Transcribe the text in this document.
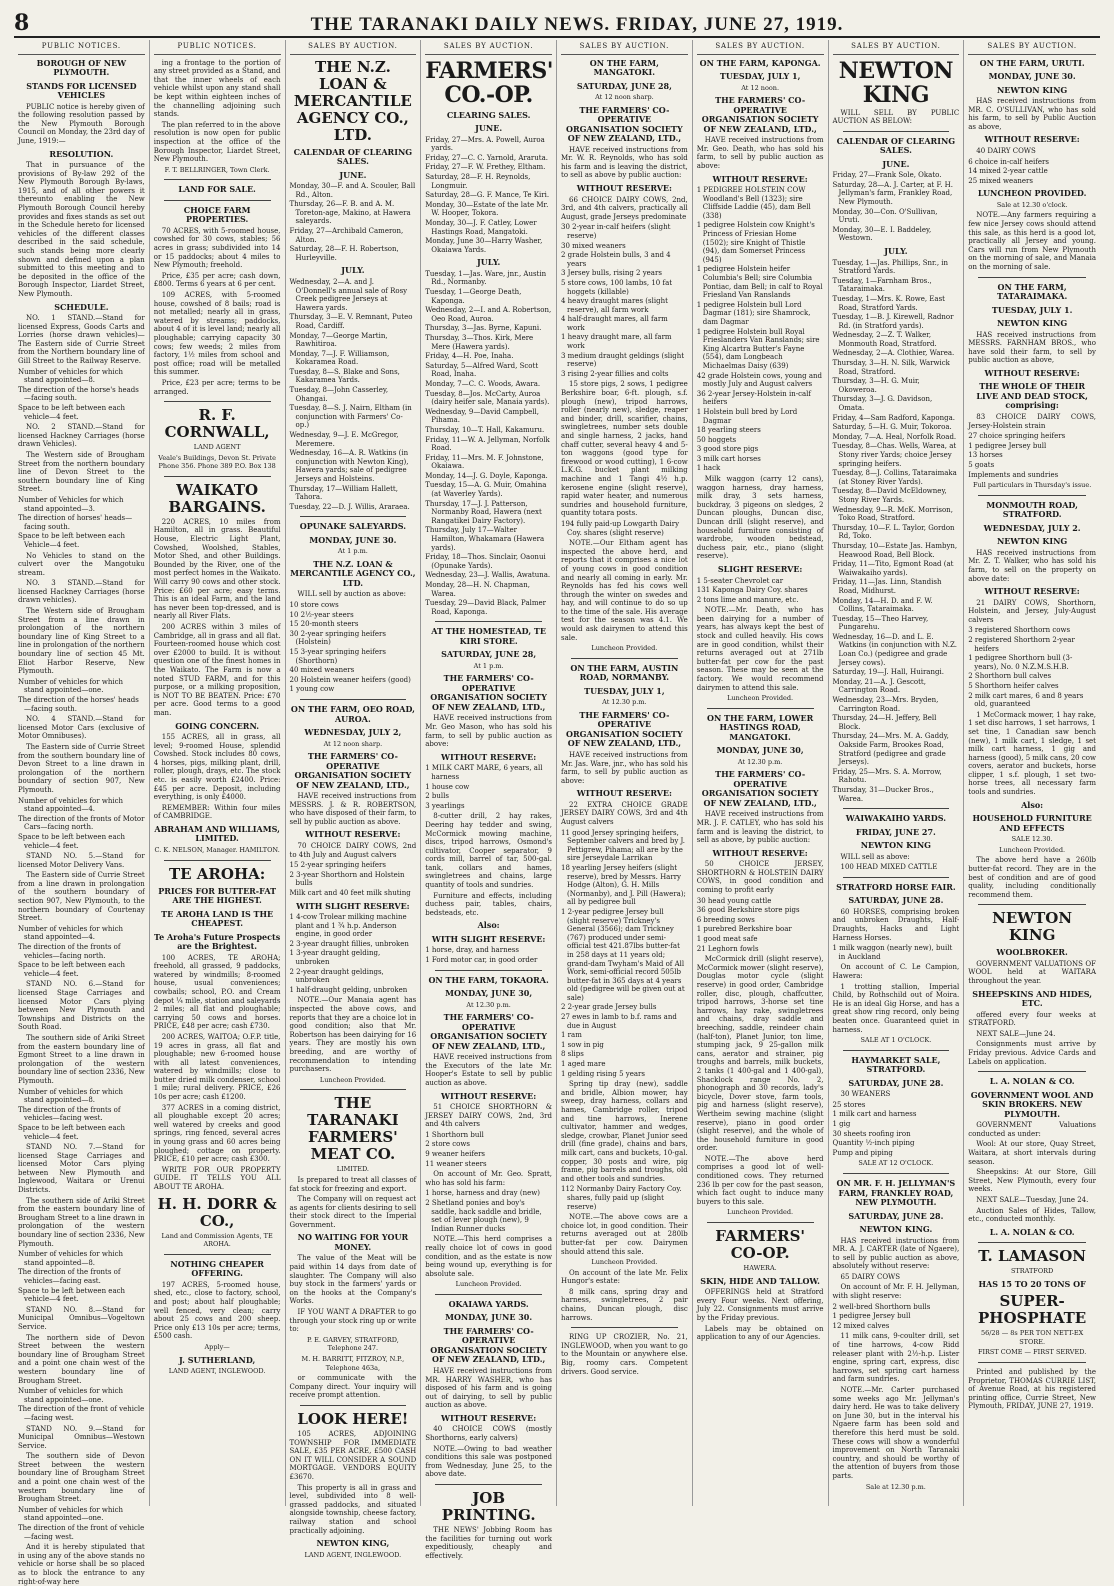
8	THE TARANAKI DAILY NEWS. FRIDAY, JUNE 27, 1919.
PUBLIC NOTICES.
BOROUGH OF NEW PLYMOUTH.
STANDS FOR LICENSED VEHICLES
PUBLIC notice is hereby given of the following resolution passed by the New Plymouth Borough Council on Monday, the 23rd day of June, 1919:—
RESOLUTION.
That in pursuance of the provisions of By-law 292 of the New Plymouth Borough By-laws, 1915, and of all other powers it thereunto enabling the New Plymouth Borough Council hereby provides and fixes stands as set out in the Schedule hereto for licensed vehicles of the different classes described in the said schedule, such stands being more clearly shown and defined upon a plan submitted to this meeting and to be deposited in the office of the Borough Inspector, Liardet Street, New Plymouth.
SCHEDULE.
NO. 1 STAND.—Stand for licensed Express, Goods Carts and Lorries (horse drawn vehicles)—The Eastern side of Currie Street from the Northern boundary line of Gill Street to the Railway Reserve.
Number of vehicles for which stand appointed—8.
The direction of the horse's heads—facing south.
Space to be left between each vehicle—4 feet.
NO. 2 STAND.—Stand for licensed Hackney Carriages (horse drawn Vehicles).
The Western side of Brougham Street from the northern boundary line of Devon Street to the southern boundary line of King Street.
Number of Vehicles for which stand appointed—3.
The direction of horses' heads—facing south.
Space to be left between each Vehicle—4 feet.
No Vehicles to stand on the culvert over the Mangotuku stream.
NO. 3 STAND.—Stand for licensed Hackney Carriages (horse drawn vehicles).
The Western side of Brougham Street from a line drawn in prolongation of the northern boundary line of King Street to a line in prolongation of the northern boundary line of section 45 Mt. Eliot Harbor Reserve, New Plymouth.
Number of vehicles for which stand appointed—one.
The direction of the horses' heads—facing south.
NO. 4 STAND.—Stand for licensed Motor Cars (exclusive of Motor Omnibuses).
The Eastern side of Currie Street from the southern boundary line of Devon Street to a line drawn in prolongation of the northern boundary of section 907, New Plymouth.
Number of vehicles for which stand appointed—4.
The direction of the fronts of Motor Cars—facing north.
Space to be left between each vehicle—4 feet.
STAND NO. 5.—Stand for licensed Motor Delivery Vans.
The Eastern side of Currie Street from a line drawn in prolongation of the southern boundary of section 907, New Plymouth, to the northern boundary of Courtenay Street.
Number of vehicles for which stand appointed—4.
The direction of the fronts of vehicles—facing north.
Space to be left between each vehicle—4 feet.
STAND NO. 6.—Stand for licensed Stage Carriages and licensed Motor Cars plying between New Plymouth and Townships and Districts on the South Road.
The southern side of Ariki Street from the eastern boundary line of Egmont Street to a line drawn in prolongation of the western boundary line of section 2336, New Plymouth.
Number of vehicles for which stand appointed—8.
The direction of the fronts of vehicles—facing west.
Space to be left between each vehicle—4 feet.
STAND NO. 7.—Stand for licensed Stage Carriages and licensed Motor Cars plying between New Plymouth and Inglewood, Waitara or Urenui Districts.
The southern side of Ariki Street from the eastern boundary line of Brougham Street to a line drawn in prolongation of the western boundary line of section 2336, New Plymouth.
Number of vehicles for which stand appointed—8.
The direction of the fronts of vehicles—facing east.
Space to be left between each vehicle—4 feet.
STAND NO. 8.—Stand for Municipal Omnibus—Vogeltown Service.
The northern side of Devon Street between the western boundary line of Brougham Street and a point one chain west of the western boundary line of Brougham Street.
Number of vehicles for which stand appointed—one.
The direction of the front of vehicle—facing west.
STAND NO. 9.—Stand for Municipal Omnibus—Westown Service.
The southern side of Devon Street between the western boundary line of Brougham Street and a point one chain west of the western boundary line of Brougham Street.
Number of vehicles for which stand appointed—one.
The direction of the front of vehicle—facing west.
And it is hereby stipulated that in using any of the above stands no vehicle or horse shall be so placed as to block the entrance to any right-of-way here
PUBLIC NOTICES.
ing a frontage to the portion of any street provided as a Stand, and that the inner wheels of each vehicle whilst upon any stand shall be kept within eighteen inches of the channelling adjoining such stands.
The plan referred to in the above resolution is now open for public inspection at the office of the Borough Inspector, Liardet Street, New Plymouth.
F. T. BELLRINGER, Town Clerk.
LAND FOR SALE.
CHOICE FARM PROPERTIES.
70 ACRES, with 5-roomed house, cowshed for 30 cows, stables; 56 acres in grass; subdivided into 14 or 15 paddocks; about 4 miles to New Plymouth; freehold.
Price, £35 per acre; cash down, £800. Terms 6 years at 6 per cent.
109 ACRES, with 5-roomed house, cowshed of 8 bails; road is not metalled; nearly all in grass, watered by streams; paddocks, about 4 of it is level land; nearly all ploughable; carrying capacity 30 cows; few weeds; 2 miles from factory, 1½ miles from school and post office; road will be metalled this summer.
Price, £23 per acre; terms to be arranged.
R. F. CORNWALL,
LAND AGENT
Veale's Buildings, Devon St. Private Phone 356. Phone 389 P.O. Box 138
WAIKATO BARGAINS.
220 ACRES, 10 miles from Hamilton, all in grass. Beautiful House, Electric Light Plant, Cowshed, Woolshed, Stables, Motor Shed, and other Buildings. Bounded by the River, one of the most perfect homes in the Waikato. Will carry 90 cows and other stock. Price: £60 per acre; easy terms. This is an ideal Farm, and the land has never been top-dressed, and is nearly all River Flats.
200 ACRES within 3 miles of Cambridge, all in grass and all flat. Fourteen-roomed house which cost over £2000 to build. It is without question one of the finest homes in the Waikato. The Farm is now a noted STUD FARM, and for this purpose, or a milking proposition, is NOT TO BE BEATEN. Price: £70 per acre. Good terms to a good man.
GOING CONCERN.
155 ACRES, all in grass, all level; 9-roomed House, splendid Cowshed. Stock includes 80 cows, 4 horses, pigs, milking plant, drill, roller, plough, drays, etc. The stock etc. is easily worth £2400. Price: £45 per acre. Deposit, including everything, is only £4000.
REMEMBER: Within four miles of CAMBRIDGE.
ABRAHAM AND WILLIAMS, LIMITED.
C. K. NELSON, Manager. HAMILTON.
TE AROHA:
PRICES FOR BUTTER-FAT ARE THE HIGHEST.
TE AROHA LAND IS THE CHEAPEST.
Te Aroha's Future Prospects are the Brightest.
100 ACRES, TE AROHA; freehold, all grassed, 9 paddocks, watered by windmills; 8-roomed house, usual conveniences; cowbails; school, P.O. and Cream depot ¼ mile, station and saleyards 2 miles; all flat and ploughable; carrying 50 cows and horses. PRICE, £48 per acre; cash £730.
200 ACRES, WAITOA; O.F.P. title, 19 acres in grass, all flat and ploughable; new 6-roomed house with all latest conveniences, watered by windmills; close to butter dried milk condenser, school 1 mile; rural delivery. PRICE, £26 10s per acre; cash £1200.
377 ACRES in a coming district, all ploughable except 20 acres; well watered by creeks and good springs, ring fenced, several acres in young grass and 60 acres being ploughed; cottage on property. PRICE, £10 per acre; cash £300.
WRITE FOR OUR PROPERTY GUIDE. IT TELLS YOU ALL ABOUT TE AROHA.
H. H. DORR & CO.,
Land and Commission Agents, TE AROHA.
NOTHING CHEAPER OFFERING.
197 ACRES, 5-roomed house, shed, etc., close to factory, school, and post; about half ploughable; well fenced, very clean; carry about 25 cows and 200 sheep. Price only £13 10s per acre; terms, £500 cash.
Apply—
J. SUTHERLAND,
LAND AGENT, INGLEWOOD.
SALES BY AUCTION.
THE N.Z. LOAN & MERCANTILE AGENCY CO., LTD.
CALENDAR OF CLEARING SALES.
JUNE.
Monday, 30—F. and A. Scouler, Ball Rd., Alton.
Thursday, 26—F. B. and A. M. Toreton-age, Makino, at Hawera saleyards.
Friday, 27—Archibald Cameron, Alton.
Saturday, 28—F. H. Robertson, Hurleyville.
JULY.
Wednesday, 2—A. and J. O'Donnell's annual sale of Rosy Creek pedigree Jerseys at Hawera yards.
Thursday, 3—E. V. Remnant, Puteo Road, Cardiff.
Monday, 7—George Martin, Rawhitiroa.
Monday, 7—J. F. Williamson, Kokaramea Road.
Tuesday, 8—S. Blake and Sons, Kakaramea Yards.
Tuesday, 8—John Casserley, Ohangai.
Tuesday, 8—S. J. Nairn, Eltham (in conjunction with Farmers' Co-op.)
Wednesday, 9—J. E. McGregor, Meremere.
Wednesday, 16—A. R. Watkins (in conjunction with Newton King), Hawera yards; sale of pedigree Jerseys and Holsteins.
Thursday, 17—William Hallett, Tahora.
Tuesday, 22—D. J. Willis, Araraea.
OPUNAKE SALEYARDS.
MONDAY, JUNE 30.
At 1 p.m.
THE N.Z. LOAN & MERCANTILE AGENCY CO., LTD.
WILL sell by auction as above:
10 store cows
10 2½-year steers
15 20-month steers
30 2-year springing heifers (Holstein)
15 3-year springing heifers (Shorthorn)
40 mixed weaners
20 Holstein weaner heifers (good)
1 young cow
ON THE FARM, OEO ROAD, AUROA.
WEDNESDAY, JULY 2,
At 12 noon sharp.
THE FARMERS' CO-OPERATIVE ORGANISATION SOCIETY OF NEW ZEALAND, LTD.,
HAVE received instructions from MESSRS. J. & R. ROBERTSON, who have disposed of their farm, to sell by public auction as above.
WITHOUT RESERVE:
70 CHOICE DAIRY COWS, 2nd to 4th July and August calvers
15 2-year springing heifers
2 3-year Shorthorn and Holstein bulls
Milk cart and 40 feet milk shuting
WITH SLIGHT RESERVE:
1 4-cow Trolear milking machine plant and 1 ¾ h.p. Anderson engine, in good order
2 3-year draught fillies, unbroken
1 3-year draught gelding, unbroken
2 2-year draught geldings, unbroken
1 half-draught gelding, unbroken
NOTE.—Our Manaia agent has inspected the above cows, and reports that they are a choice lot in good condition; also that Mr. Robertson has been dairying for 16 years. They are mostly his own breeding, and are worthy of recommendation to intending purchasers.
Luncheon Provided.
THE TARANAKI FARMERS' MEAT CO.
LIMITED.
Is prepared to treat all classes of fat stock for freezing and export.
The Company will on request act as agents for clients desiring to sell their stock direct to the Imperial Government.
NO WAITING FOR YOUR MONEY.
The value of the Meat will be paid within 14 days from date of slaughter. The Company will also buy stock in the farmers' yards or on the hooks at the Company's Works.
IF YOU WANT A DRAFTER to go through your stock ring up or write to:
P. E. GARVEY, STRATFORD, Telephone 247.
M. H. BARRITT, FITZROY, N.P., Telephone 463a,
or communicate with the Company direct. Your inquiry will receive prompt attention.
LOOK HERE!
105 ACRES, ADJOINING TOWNSHIP FOR IMMEDIATE SALE, £35 PER ACRE, £500 CASH ON IT WILL CONSIDER A SOUND MORTGAGE. VENDORS EQUITY £3670.
This property is all in grass and level, subdivided into 8 well-grassed paddocks, and situated alongside township, cheese factory, railway station and school practically adjoining.
NEWTON KING,
LAND AGENT, INGLEWOOD.
SALES BY AUCTION.
FARMERS' CO.-OP.
CLEARING SALES.
JUNE.
Friday, 27—Mrs. A. Powell, Auroa yards.
Friday, 27—C. C. Yarnold, Araruta.
Friday, 27—F. W. Frethey, Eltham.
Saturday, 28—F. H. Reynolds, Longmuir.
Saturday, 28—G. F. Mance, Te Kiri.
Monday, 30—Estate of the late Mr. W. Hooper, Tokora.
Monday, 30—J. F. Catley, Lower Hastings Road, Mangatoki.
Monday, June 30—Harry Washer, Okaiawa Yards.
JULY.
Tuesday, 1—Jas. Ware, jnr., Austin Rd., Normanby.
Tuesday, 1—George Death, Kaponga.
Wednesday, 2—I. and A. Robertson, Oeo Road, Auroa.
Thursday, 3—Jas. Byrne, Kapuni.
Thursday, 3—Thos. Kirk, Mere Mere (Hawera yards).
Friday, 4—H. Poe, Inaha.
Saturday, 5—Alfred Ward, Scott Road, Inaha.
Monday, 7—C. C. Woods, Awara.
Tuesday, 8—Jos. McCarty, Auroa (dairy heifer sale, Manaia yards).
Wednesday, 9—David Campbell, Pihama.
Thursday, 10—T. Hall, Kakamuru.
Friday, 11—W. A. Jellyman, Norfolk Road.
Friday, 11—Mrs. M. F. Johnstone, Okaiawa.
Monday, 14—J. G. Doyle, Kaponga.
Tuesday, 15—A. G. Muir, Omahina (at Waverley Yards).
Thursday, 17—J. J. Patterson, Normanby Road, Hawera (next Rangatikei Dairy Factory).
Thursday, July 17—Walter Hamilton, Whakamara (Hawera yards).
Friday, 18—Thos. Sinclair, Oaonui (Opunake Yards).
Wednesday, 23—J. Wallis, Awatuna.
Monday, 28—H. N. Chapman, Warea.
Tuesday, 29—David Black, Palmer Road, Kaponga.
AT THE HOMESTEAD, TE KIRI STORE.
SATURDAY, JUNE 28,
At 1 p.m.
THE FARMERS' CO-OPERATIVE ORGANISATION SOCIETY OF NEW ZEALAND, LTD.,
HAVE received instructions from Mr. Geo Mason, who has sold his farm, to sell by public auction as above:
WITHOUT RESERVE:
1 MILK CART MARE, 6 years, all harness
1 house cow
2 bulls
3 yearlings
8-cutter drill, 2 hay rakes, Deering hay tedder and swing, McCormick mowing machine, discs, tripod harrows, Osmond's cultivator, Cooper separator, 9 cords mill, barrel of tar, 500-gal. tank, collars and hames, swingletrees and chains, large quantity of tools and sundries.
Furniture and effects, including duchess pair, tables, chairs, bedsteads, etc.
Also:
WITH SLIGHT RESERVE:
1 horse, dray, and harness
1 Ford motor car, in good order
ON THE FARM, TOKAORA.
MONDAY, JUNE 30,
At 12.30 p.m.
THE FARMERS' CO-OPERATIVE ORGANISATION SOCIETY OF NEW ZEALAND, LTD.,
HAVE received instructions from the Executors of the late Mr. Hooper's Estate to sell by public auction as above.
WITHOUT RESERVE:
51 CHOICE SHORTHORN & JERSEY DAIRY COWS, 2nd, 3rd and 4th calvers
1 Shorthorn bull
2 store cows
9 weaner heifers
11 weaner steers
On account of Mr. Geo. Spratt, who has sold his farm:
1 horse, harness and dray (new)
2 Shetland ponies and boy's saddle, hack saddle and bridle, set of lever plough (new), 9 Indian Runner ducks
NOTE.—This herd comprises a really choice lot of cows in good condition, and as the estate is now being wound up, everything is for absolute sale.
Luncheon Provided.
OKAIAWA YARDS.
MONDAY, JUNE 30.
THE FARMERS' CO-OPERATIVE ORGANISATION SOCIETY OF NEW ZEALAND, LTD.,
HAVE received instructions from MR. HARRY WASHER, who has disposed of his farm and is going out of dairying, to sell by public auction as above.
WITHOUT RESERVE:
40 CHOICE COWS (mostly Shorthorns, early calvers)
NOTE.—Owing to bad weather conditions this sale was postponed from Wednesday, June 25, to the above date.
JOB PRINTING.
THE NEWS' Jobbing Room has the facilities for turning out work expeditiously, cheaply and effectively.
SALES BY AUCTION.
ON THE FARM, MANGATOKI.
SATURDAY, JUNE 28,
At 12 noon sharp.
THE FARMERS' CO-OPERATIVE ORGANISATION SOCIETY OF NEW ZEALAND, LTD.,
HAVE received instructions from Mr. W. R. Reynolds, who has sold his farm and is leaving the district, to sell as above by public auction:
WITHOUT RESERVE:
66 CHOICE DAIRY COWS, 2nd, 3rd, and 4th calvers, practically all August, grade Jerseys predominate
30 2-year in-calf heifers (slight reserve)
30 mixed weaners
2 grade Holstein bulls, 3 and 4 years
3 Jersey bulls, rising 2 years
5 store cows, 100 lambs, 10 fat hoggets (killable)
4 heavy draught mares (slight reserve), all farm work
4 half-draught mares, all farm work
1 heavy draught mare, all farm work
3 medium draught geldings (slight reserve)
3 rising 2-year fillies and colts
15 store pigs, 2 sows, 1 pedigree Berkshire boar, 6-ft. plough, s.f. plough (new), tripod harrows, roller (nearly new), sledge, reaper and binder, drill, scarifier, chains, swingletrees, number sets double and single harness, 2 jacks, hand chaff cutter, several heavy 4 and 5-ton waggons (good type for firewood or wood cutting), 1 6-cow L.K.G. bucket plant milking machine and 1 Tangi 4½ h.p. kerosene engine (slight reserve), rapid water heater, and numerous sundries and household furniture, quantity totara posts.
194 fully paid-up Lowgarth Dairy Coy. shares (slight reserve)
NOTE.—Our Eltham agent has inspected the above herd, and reports that it comprises a nice lot of young cows in good condition and nearly all coming in early. Mr. Reynolds has fed his cows well through the winter on swedes and hay, and will continue to do so up to the time of the sale. His average test for the season was 4.1. We would ask dairymen to attend this sale.
Luncheon Provided.
ON THE FARM, AUSTIN ROAD, NORMANBY.
TUESDAY, JULY 1,
At 12.30 p.m.
THE FARMERS' CO-OPERATIVE ORGANISATION SOCIETY OF NEW ZEALAND, LTD.,
HAVE received instructions from Mr. Jas. Ware, jnr., who has sold his farm, to sell by public auction as above:
WITHOUT RESERVE:
22 EXTRA CHOICE GRADE JERSEY DAIRY COWS, 3rd and 4th August calvers
11 good Jersey springing heifers, September calvers and bred by J. Pettigrew, Pihama; all are by the sire Jerseydale Larrikan
18 yearling Jersey heifers (slight reserve), bred by Messrs. Harry Hodge (Alton), G. H. Mills (Normanby), and J. Pill (Hawera); all by pedigree bull
1 2-year pedigree Jersey bull (slight reserve) Trickney's General (3566); dam Trickney (767) produced under semi-official test 421.87lbs butter-fat in 258 days at 11 years old; grand-dam Twyham's Maid of All Work, semi-official record 505lb butter-fat in 365 days at 4 years old (pedigree will be given out at sale)
2 2-year grade Jersey bulls
27 ewes in lamb to b.f. rams and due in August
1 ram
1 sow in pig
8 slips
1 aged mare
1 gelding rising 5 years
Spring tip dray (new), saddle and bridle, Albion mower, hay sweep, dray harness, collars and hames, Cambridge roller, tripod and tine harrows, Inerene cultivator, hammer and wedges, sledge, crowbar, Planet Junior seed drill (fine grade), chains and bars, milk cart, cans and buckets, 10-gal. copper, 30 posts and wire, pig frame, pig barrels and troughs, old and other tools and sundries.
112 Normanby Dairy Factory Coy. shares, fully paid up (slight reserve)
NOTE.—The above cows are a choice lot, in good condition. Their returns averaged out at 280lb butter-fat per cow. Dairymen should attend this sale.
Luncheon Provided.
On account of the late Mr. Felix Hungor's estate:
8 milk cans, spring dray and harness, swingletrees, 2 pair chains, Duncan plough, disc harrows.
RING UP CROZIER, No. 21, INGLEWOOD, when you want to go to the Mountain or anywhere else. Big, roomy cars. Competent drivers. Good service.
SALES BY AUCTION.
ON THE FARM, KAPONGA.
TUESDAY, JULY 1,
At 12 noon.
THE FARMERS' CO-OPERATIVE ORGANISATION SOCIETY OF NEW ZEALAND, LTD.,
HAVE received instructions from Mr. Geo. Death, who has sold his farm, to sell by public auction as above:
WITHOUT RESERVE:
1 PEDIGREE HOLSTEIN COW Woodland's Bell (1323); sire Cliffside Laddie (45), dam Bell (338)
1 pedigree Holstein cow Knight's Princess of Friesian Home (1502); sire Knight of Thistle (94), dam Somerset Princess (945)
1 pedigree Holstein heifer Columbia's Bell; sire Columbia Pontiac, dam Bell; in calf to Royal Friesland Van Ranslands
1 pedigree Holstein bull Lord Dagmar (181); sire Shamrock, dam Dagmar
1 pedigree Holstein bull Royal Frieslanders Van Ranslands; sire King Alcartra Butter's Fayne (554), dam Longbeach Michaelmas Daisy (639)
42 grade Holstein cows, young and mostly July and August calvers
36 2-year Jersey-Holstein in-calf heifers
1 Holstein bull bred by Lord Dagmar
18 yearling steers
50 hoggets
3 good store pigs
3 milk cart horses
1 hack
Milk waggon (carry 12 cans), waggon harness, dray harness, milk dray, 3 sets harness, buckdray, 3 pigeons on sledges, 2 Duncan ploughs, Duncan disc, Duncan drill (slight reserve), and household furniture consisting of wardrobe, wooden bedstead, duchess pair, etc., piano (slight reserve).
SLIGHT RESERVE:
1 5-seater Chevrolet car
131 Kaponga Dairy Coy. shares
2 tons lime and manure, etc.
NOTE.—Mr. Death, who has been dairying for a number of years, has always kept the best of stock and culled heavily. His cows are in good condition, whilst their returns averaged out at 271lb butter-fat per cow for the past season. These may be seen at the factory. We would recommend dairymen to attend this sale.
Luncheon Provided.
ON THE FARM, LOWER HASTINGS ROAD, MANGATOKI.
MONDAY, JUNE 30,
At 12.30 p.m.
THE FARMERS' CO-OPERATIVE ORGANISATION SOCIETY OF NEW ZEALAND, LTD.,
HAVE received instructions from MR. J. F. CATLEY, who has sold his farm and is leaving the district, to sell as above, by public auction:
WITHOUT RESERVE:
50 CHOICE JERSEY, SHORTHORN & HOLSTEIN DAIRY COWS, in good condition and coming to profit early
30 head young cattle
36 good Berkshire store pigs
6 breeding sows
1 purebred Berkshire boar
1 good meat safe
21 Leghorn fowls
McCormick drill (slight reserve), McCormick mower (slight reserve), Douglas motor cycle (slight reserve) in good order, Cambridge roller, disc, plough, chaffcutter, tripod harrows, 3-horse set tine harrows, hay rake, swingletrees and chains, dray saddle and breeching, saddle, reindeer chain (half-ton), Planet Junior, ton lime, stumping jack, 9 25-gallon milk cans, aerator and strainer, pig troughs and barrels, milk buckets, 2 tanks (1 400-gal and 1 400-gal), Shacklock range No. 2, phonograph and 30 records, lady's bicycle, Dover stove, farm tools, pig and harness (slight reserve), Wertheim sewing machine (slight reserve), piano in good order (slight reserve), and the whole of the household furniture in good order.
NOTE.—The above herd comprises a good lot of well-conditioned cows. They returned 236 lb per cow for the past season, which fact ought to induce many buyers to this sale.
Luncheon Provided.
FARMERS' CO-OP.
HAWERA.
SKIN, HIDE AND TALLOW.
OFFERINGS held at Stratford every Four weeks. Next offering, July 22. Consignments must arrive by the Friday previous.
Labels may be obtained on application to any of our Agencies.
SALES BY AUCTION.
NEWTON KING
WILL SELL BY PUBLIC AUCTION AS BELOW:
CALENDAR OF CLEARING SALES.
JUNE.
Friday, 27—Frank Sole, Okato.
Saturday, 28—A. J. Carter, at F. H. Jellyman's farm, Frankley Road, New Plymouth.
Monday, 30—Con. O'Sullivan, Uruti.
Monday, 30—E. I. Baddeley, Westown.
JULY.
Tuesday, 1—Jas. Phillips, Snr., in Stratford Yards.
Tuesday, 1—Farnham Bros., Tataraimaka.
Tuesday, 1—Mrs. K. Rowe, East Road, Stratford Yards.
Tuesday, 1—B. J. Kirewell, Radnor Rd. (in Stratford yards).
Wednesday, 2—Z. T. Walker, Monmouth Road, Stratford.
Wednesday, 2—A. Clothier, Warea.
Thursday, 3—H. N. Silk, Warwick Road, Stratford.
Thursday, 3—H. G. Muir, Okoweroa.
Thursday, 3—J. G. Davidson, Omata.
Friday, 4—Sam Radford, Kaponga.
Saturday, 5—H. G. Muir, Tokoroa.
Monday, 7—A. Heal, Norfolk Road.
Tuesday, 8—Chas. Wells, Warea, at Stony river Yards; choice Jersey springing heifers.
Tuesday, 8—J. Collins, Tataraimaka (at Stoney River Yards).
Tuesday, 8—David McEldowney, Stony River Yards.
Wednesday, 9—R. McK. Morrison, Toko Road, Stratford.
Thursday, 10—F. L. Taylor, Gordon Rd, Toko.
Thursday, 10—Estate Jas. Hambyn, Heawood Road, Bell Block.
Friday, 11—Tito, Egmont Road (at Waiwakaiho yards).
Friday, 11—Jas. Linn, Standish Road, Midhurst.
Monday, 14—H. D. and F. W. Collins, Tataraimaka.
Tuesday, 15—Theo Harvey, Pungarehu.
Wednesday, 16—D. and L. E. Watkins (in conjunction with N.Z. Loan Co.) (pedigree and grade Jersey cows).
Saturday, 19—J. Hall, Huirangi.
Monday, 21—A. J. Gescott, Carrington Road.
Wednesday, 23—Mrs. Bryden, Carrington Road.
Thursday, 24—H. Jeffery, Bell Block.
Thursday, 24—Mrs. M. A. Gaddy, Oakside Farm, Brookes Road, Stratford (pedigree and grade Jerseys).
Friday, 25—Mrs. S. A. Morrow, Rahotu.
Thursday, 31—Ducker Bros., Warea.
WAIWAKAIHO YARDS.
FRIDAY, JUNE 27.
NEWTON KING
WILL sell as above:
100 HEAD MIXED CATTLE
STRATFORD HORSE FAIR.
SATURDAY, JUNE 28.
60 HORSES, comprising broken and unbroken Draughts, Half-Draughts, Hacks and Light Harness Horses.
1 milk waggon (nearly new), built in Auckland
On account of C. Le Campion, Hawera:
1 trotting stallion, Imperial Child, by Rothschild out of Moira. He is an ideal Gig Horse, and has a great show ring record, only being beaten once. Guaranteed quiet in harness.
SALE AT 1 O'CLOCK.
HAYMARKET SALE, STRATFORD.
SATURDAY, JUNE 28.
30 WEANERS
25 stores
1 milk cart and harness
1 gig
30 sheets roofing iron
Quantity ½-inch piping
Pump and piping
SALE AT 12 O'CLOCK.
ON MR. F. H. JELLYMAN'S FARM, FRANKLEY ROAD, NEW PLYMOUTH.
SATURDAY, JUNE 28.
NEWTON KING.
HAS received instructions from MR. A. J. CARTER (late of Ngaere), to sell by public auction as above, absolutely without reserve:
65 DAIRY COWS
On account of Mr. F. H. Jellyman, with slight reserve:
2 well-bred Shorthorn bulls
1 pedigree Jersey bull
12 mixed calves
11 milk cans, 9-coulter drill, set of tine harrows, 4-cow Ridd releaser plant with 2½-h.p. Lister engine, spring cart, express, disc harrows, set spring cart harness and farm sundries.
NOTE.—Mr. Carter purchased some weeks ago Mr. Jellyman's dairy herd. He was to take delivery on June 30, but in the interval his Ngaere farm has been sold and therefore this herd must be sold. These cows will show a wonderful improvement on North Taranaki country, and should be worthy of the attention of buyers from those parts.
Sale at 12.30 p.m.
SALES BY AUCTION.
ON THE FARM, URUTI.
MONDAY, JUNE 30.
NEWTON KING
HAS received instructions from MR. C. O'SULLIVAN, who has sold his farm, to sell by Public Auction as above,
WITHOUT RESERVE:
40 DAIRY COWS
6 choice in-calf heifers
14 mixed 2-year cattle
25 mixed weaners
LUNCHEON PROVIDED.
Sale at 12.30 o'clock.
NOTE.—Any farmers requiring a few nice Jersey cows should attend this sale, as this herd is a good lot, practically all Jersey and young. Cars will run from New Plymouth on the morning of sale, and Manaia on the morning of sale.
ON THE FARM, TATARAIMAKA.
TUESDAY, JULY 1.
NEWTON KING
HAS received instructions from MESSRS. FARNHAM BROS., who have sold their farm, to sell by public auction as above,
WITHOUT RESERVE:
THE WHOLE OF THEIR LIVE AND DEAD STOCK, comprising:
83 CHOICE DAIRY COWS, Jersey-Holstein strain
27 choice springing heifers
1 pedigree Jersey bull
13 horses
5 goats
Implements and sundries
Full particulars in Thursday's issue.
MONMOUTH ROAD, STRATFORD.
WEDNESDAY, JULY 2.
NEWTON KING
HAS received instructions from Mr. Z. T. Walker, who has sold his farm, to sell on the property on above date:
WITHOUT RESERVE:
21 DAIRY COWS, Shorthorn, Holstein, and Jersey, July-August calvers
3 registered Shorthorn cows
2 registered Shorthorn 2-year heifers
1 pedigree Shorthorn bull (3-years), No. 0 N.Z.M.S.H.B.
2 Shorthorn bull calves
5 Shorthorn heifer calves
2 milk cart mares, 6 and 8 years old, guaranteed
1 McCormack mower, 1 hay rake, 1 set disc harrows, 1 set harrows, 1 set tine, 1 Canadian saw bench (new), 1 milk cart, 1 sledge, 1 set milk cart harness, 1 gig and harness (good), 5 milk cans, 20 cow covers, aerator and buckets, horse clipper, 1 s.f. plough, 1 set two-horse trees, all necessary farm tools and sundries.
Also:
HOUSEHOLD FURNITURE AND EFFECTS
SALE 12.30.
Luncheon Provided.
The above herd have a 260lb butter-fat record. They are in the best of condition and are of good quality, including conditionally recommend them.
NEWTON KING
WOOLBROKER.
GOVERNMENT VALUATIONS OF WOOL held at WAITARA throughout the year.
SHEEPSKINS AND HIDES, ETC.
offered every four weeks at STRATFORD.
NEXT SALE—June 24.
Consignments must arrive by Friday previous. Advice Cards and Labels on application.
L. A. NOLAN & CO.
GOVERNMENT WOOL AND SKIN BROKERS. NEW PLYMOUTH.
GOVERNMENT Valuations conducted as under:
Wool: At our store, Quay Street, Waitara, at short intervals during season.
Sheepskins: At our Store, Gill Street, New Plymouth, every four weeks.
NEXT SALE—Tuesday, June 24.
Auction Sales of Hides, Tallow, etc., conducted monthly.
L. A. NOLAN & CO.
T. LAMASON
STRATFORD
HAS 15 TO 20 TONS OF
SUPER-PHOSPHATE
56/28 — 8s PER TON NETT-EX STORE.
FIRST COME — FIRST SERVED.
Printed and published by the Proprietor, THOMAS CURRIE LIST, of Avenue Road, at his registered printing office, Currie Street, New Plymouth, FRIDAY, JUNE 27, 1919.
